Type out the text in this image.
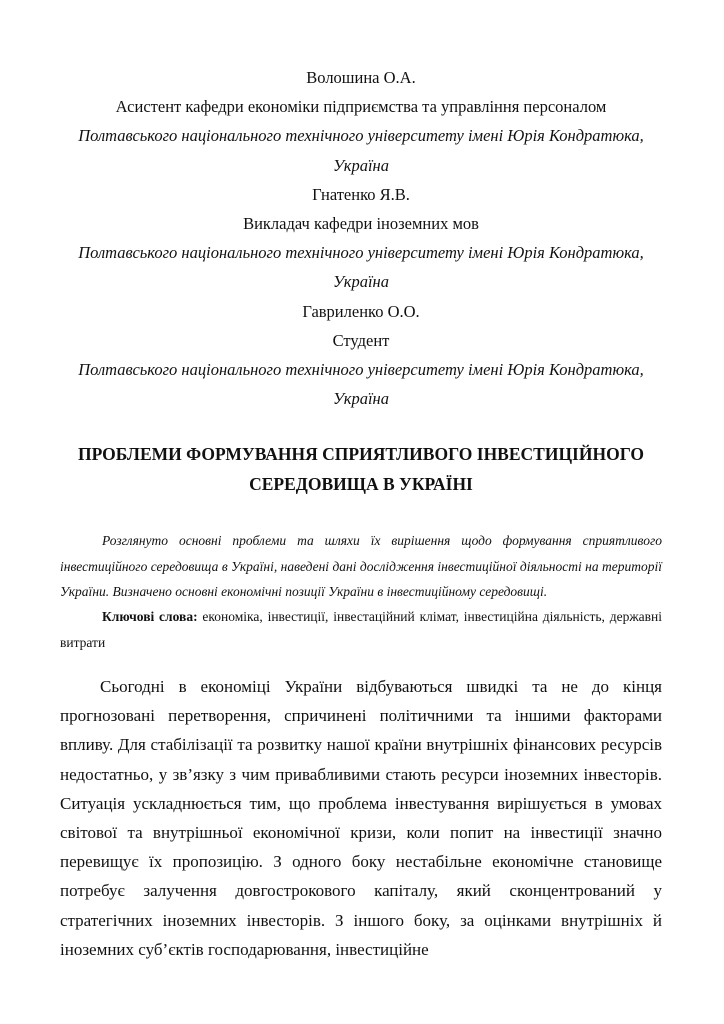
Волошина О.А.

Асистент кафедри економіки підприємства та управління персоналом

Полтавського національного технічного університету імені Юрія Кондратюка,

Україна

Гнатенко Я.В.

Викладач кафедри іноземних мов

Полтавського національного технічного університету імені Юрія Кондратюка,

Україна

Гавриленко О.О.

Студент

Полтавського національного технічного університету імені Юрія Кондратюка,

Україна

ПРОБЛЕМИ ФОРМУВАННЯ СПРИЯТЛИВОГО ІНВЕСТИЦІЙНОГО СЕРЕДОВИЩА В УКРАЇНІ

Розглянуто основні проблеми та шляхи їх вирішення щодо формування сприятливого інвестиційного середовища в Україні, наведені дані дослідження інвестиційної діяльності на території України. Визначено основні економічні позиції України в інвестиційному середовищі.

Ключові слова: економіка, інвестиції, інвестаційний клімат, інвестиційна діяльність, державні витрати

Сьогодні в економіці України відбуваються швидкі та не до кінця прогнозовані перетворення, спричинені політичними та іншими факторами впливу. Для стабілізації та розвитку нашої країни внутрішніх фінансових ресурсів недостатньо, у зв’язку з чим привабливими стають ресурси іноземних інвесторів. Ситуація ускладнюється тим, що проблема інвестування вирішується в умовах світової та внутрішньої економічної кризи, коли попит на інвестиції значно перевищує їх пропозицію. З одного боку нестабільне економічне становище потребує залучення довгострокового капіталу, який сконцентрований у стратегічних іноземних інвесторів. З іншого боку, за оцінками внутрішніх й іноземних суб’єктів господарювання, інвестиційне
